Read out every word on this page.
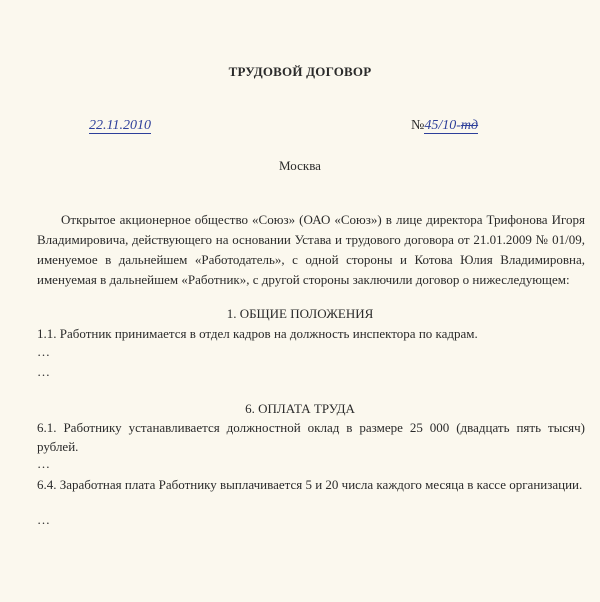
ТРУДОВОЙ ДОГОВОР
22.11.2010	№45/10-тд
Москва

Открытое акционерное общество «Союз» (ОАО «Союз») в лице директора Трифонова Игоря Владимировича, действующего на основании Устава и трудового договора от 21.01.2009 № 01/09, именуемое в дальнейшем «Работодатель», с одной стороны и Котова Юлия Владимировна, именуемая в дальнейшем «Работник», с другой стороны заключили договор о нижеследующем:

1. ОБЩИЕ ПОЛОЖЕНИЯ
1.1. Работник принимается в отдел кадров на должность инспектора по кадрам.
…
…
6. ОПЛАТА ТРУДА

6.1. Работнику устанавливается должностной оклад в размере 25 000 (двадцать пять тысяч) рублей.

…

6.4. Заработная плата Работнику выплачивается 5 и 20 числа каждого месяца в кассе организации.

…
